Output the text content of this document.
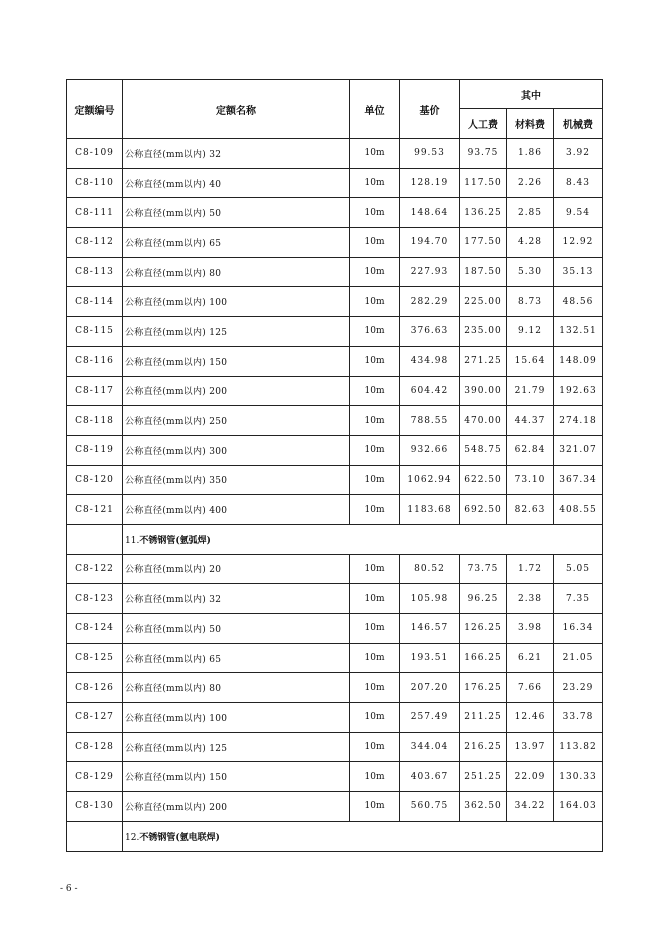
定额编号	定额名称	单位	基价	其中		
				人工费	材料费	机械费
C8-109	公称直径(mm以内) 32	10m	99.53	93.75	1.86	3.92
C8-110	公称直径(mm以内) 40	10m	128.19	117.50	2.26	8.43
C8-111	公称直径(mm以内) 50	10m	148.64	136.25	2.85	9.54
C8-112	公称直径(mm以内) 65	10m	194.70	177.50	4.28	12.92
C8-113	公称直径(mm以内) 80	10m	227.93	187.50	5.30	35.13
C8-114	公称直径(mm以内) 100	10m	282.29	225.00	8.73	48.56
C8-115	公称直径(mm以内) 125	10m	376.63	235.00	9.12	132.51
C8-116	公称直径(mm以内) 150	10m	434.98	271.25	15.64	148.09
C8-117	公称直径(mm以内) 200	10m	604.42	390.00	21.79	192.63
C8-118	公称直径(mm以内) 250	10m	788.55	470.00	44.37	274.18
C8-119	公称直径(mm以内) 300	10m	932.66	548.75	62.84	321.07
C8-120	公称直径(mm以内) 350	10m	1062.94	622.50	73.10	367.34
C8-121	公称直径(mm以内) 400	10m	1183.68	692.50	82.63	408.55
	11.不锈钢管(氩弧焊)					
C8-122	公称直径(mm以内) 20	10m	80.52	73.75	1.72	5.05
C8-123	公称直径(mm以内) 32	10m	105.98	96.25	2.38	7.35
C8-124	公称直径(mm以内) 50	10m	146.57	126.25	3.98	16.34
C8-125	公称直径(mm以内) 65	10m	193.51	166.25	6.21	21.05
C8-126	公称直径(mm以内) 80	10m	207.20	176.25	7.66	23.29
C8-127	公称直径(mm以内) 100	10m	257.49	211.25	12.46	33.78
C8-128	公称直径(mm以内) 125	10m	344.04	216.25	13.97	113.82
C8-129	公称直径(mm以内) 150	10m	403.67	251.25	22.09	130.33
C8-130	公称直径(mm以内) 200	10m	560.75	362.50	34.22	164.03
	12.不锈钢管(氩电联焊)					
- 6 -
